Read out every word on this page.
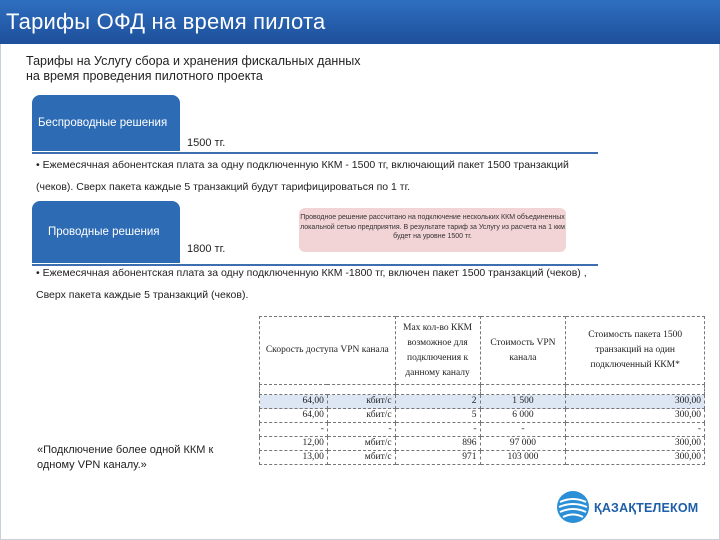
Тарифы ОФД на время пилота
Тарифы на Услугу сбора и хранения фискальных данных
на время проведения пилотного проекта
Беспроводные решения
1500 тг.
• Ежемесячная абонентская плата за одну подключенную ККМ - 1500 тг, включающий пакет 1500 транзакций (чеков). Сверх пакета каждые 5 транзакций будут тарифицироваться по 1 тг.
Проводные решения
1800 тг.
Проводное решение рассчитано на подключение нескольких ККМ объединенных локальной сетью предприятия. В результате тариф за Услугу из расчета на 1 ккм будет на уровне 1500 тг.
• Ежемесячная абонентская плата за одну подключенную ККМ -1800 тг, включен пакет 1500 транзакций (чеков) , Сверх пакета каждые 5 транзакций (чеков).
Скорость доступа VPN канала		Мах кол-во ККМ возможное для подключения к данному каналу	Стоимость VPN канала	Стоимость пакета 1500 транзакций на один подключенный ККМ*

64,00	кбит/с	2	1 500	300,00
64,00	кбит/с	5	6 000	300,00
-	-	-	-	-
12,00	мбит/с	896	97 000	300,00
13,00	мбит/с	971	103 000	300,00
«Подключение более одной ККМ к одному VPN каналу.»
ҚАЗАҚТЕЛЕКОМ
